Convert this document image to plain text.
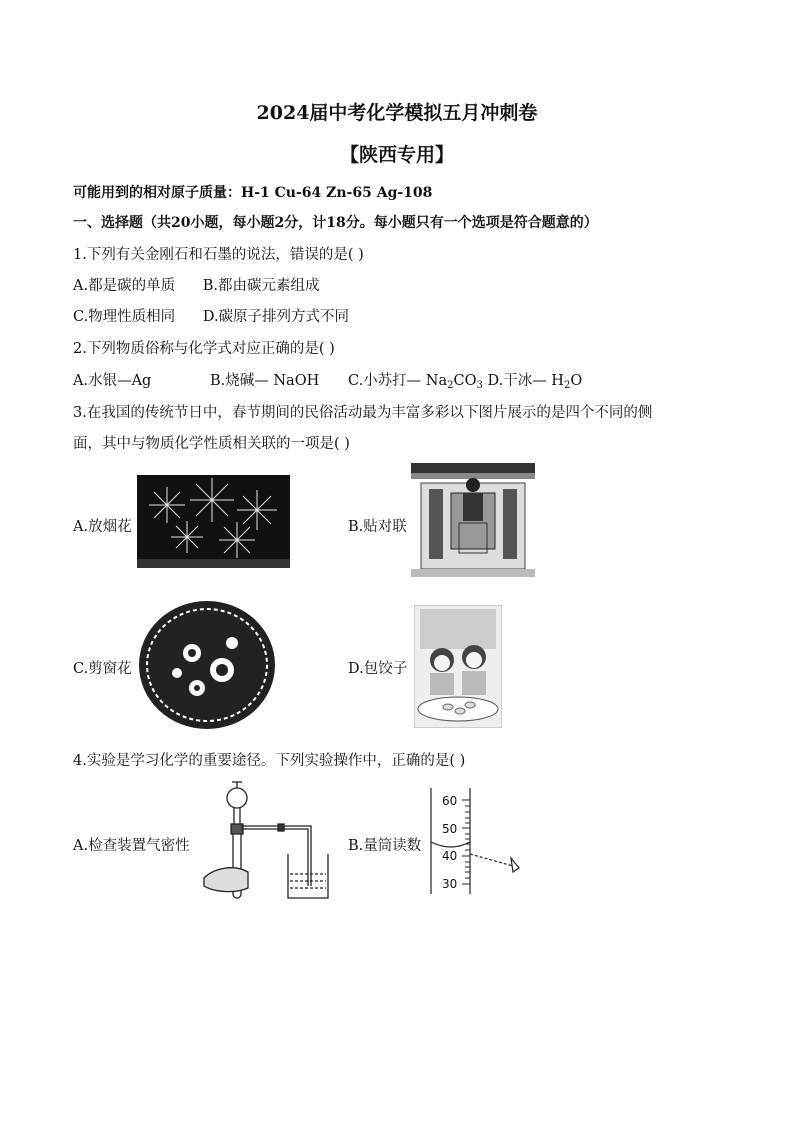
2024届中考化学模拟五月冲刺卷
【陕西专用】
可能用到的相对原子质量：H-1 Cu-64 Zn-65 Ag-108
一、选择题（共20小题，每小题2分，计18分。每小题只有一个选项是符合题意的）
1.下列有关金刚石和石墨的说法，错误的是( )
A.都是碳的单质      B.都由碳元素组成
C.物理性质相同      D.碳原子排列方式不同
2.下列物质俗称与化学式对应正确的是( )
A.水银—Ag	B.烧碱— NaOH C.小苏打— $Na_2CO_3$ D.干冰— $H_2O$
3.在我国的传统节日中，春节期间的民俗活动最为丰富多彩以下图片展示的是四个不同的侧
面，其中与物质化学性质相关联的一项是( )
A.放烟花	B.贴对联
C.剪窗花	D.包饺子
4.实验是学习化学的重要途径。下列实验操作中，正确的是( )
A.检查装置气密性	B.量筒读数
60
50
40
30
